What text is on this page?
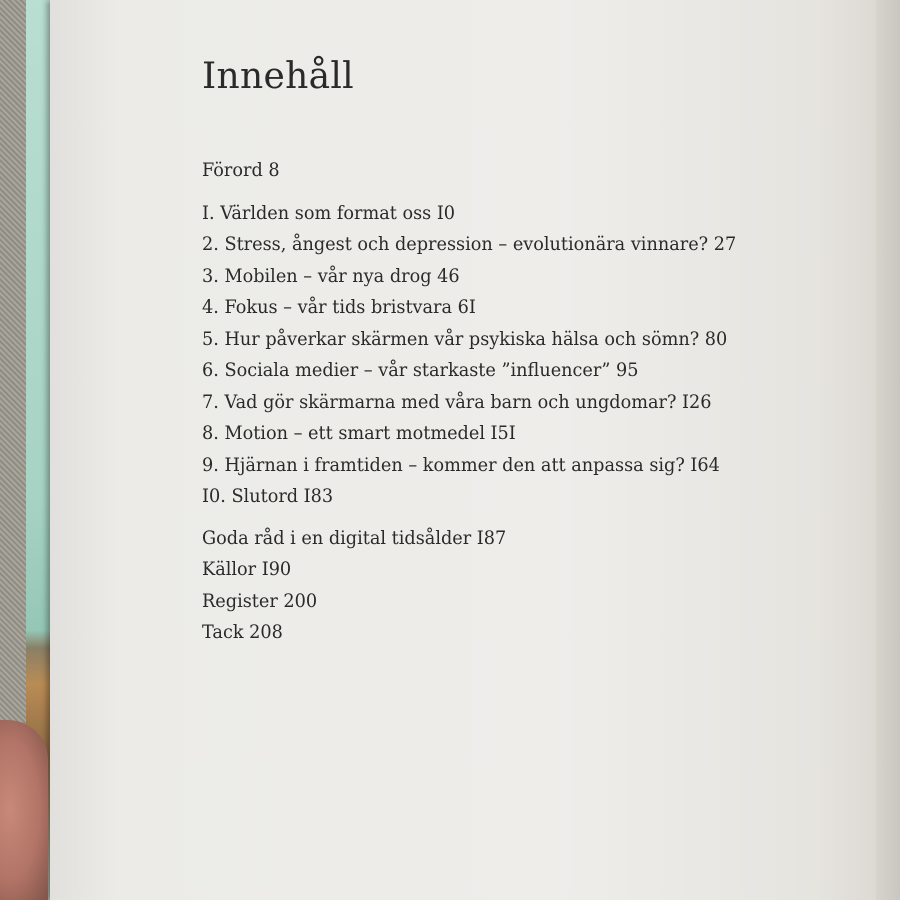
Innehåll
Förord 8
I. Världen som format oss I0
2. Stress, ångest och depression – evolutionära vinnare? 27
3. Mobilen – vår nya drog 46
4. Fokus – vår tids bristvara 6I
5. Hur påverkar skärmen vår psykiska hälsa och sömn? 80
6. Sociala medier – vår starkaste ”influencer” 95
7. Vad gör skärmarna med våra barn och ungdomar? I26
8. Motion – ett smart motmedel I5I
9. Hjärnan i framtiden – kommer den att anpassa sig? I64
I0. Slutord I83
Goda råd i en digital tidsålder I87
Källor I90
Register 200
Tack 208
